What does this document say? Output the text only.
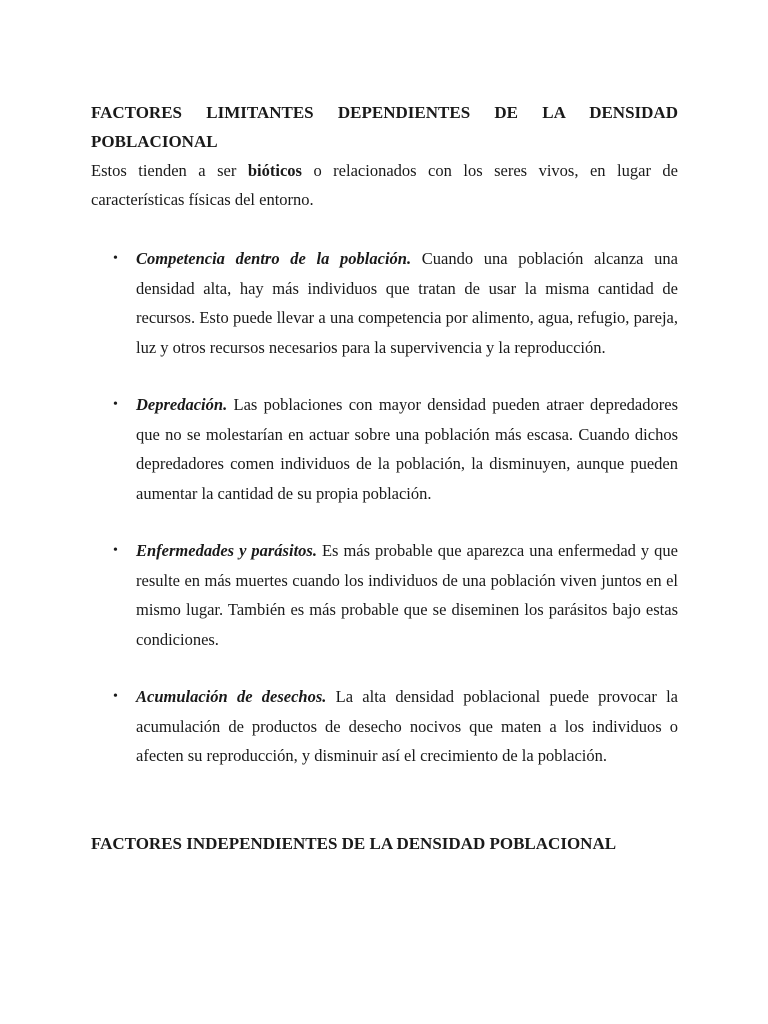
FACTORES LIMITANTES DEPENDIENTES DE LA DENSIDAD POBLACIONAL

Estos tienden a ser bióticos o relacionados con los seres vivos, en lugar de características físicas del entorno.

• Competencia dentro de la población. Cuando una población alcanza una densidad alta, hay más individuos que tratan de usar la misma cantidad de recursos. Esto puede llevar a una competencia por alimento, agua, refugio, pareja, luz y otros recursos necesarios para la supervivencia y la reproducción.
• Depredación. Las poblaciones con mayor densidad pueden atraer depredadores que no se molestarían en actuar sobre una población más escasa. Cuando dichos depredadores comen individuos de la población, la disminuyen, aunque pueden aumentar la cantidad de su propia población.
• Enfermedades y parásitos. Es más probable que aparezca una enfermedad y que resulte en más muertes cuando los individuos de una población viven juntos en el mismo lugar. También es más probable que se diseminen los parásitos bajo estas condiciones.
• Acumulación de desechos. La alta densidad poblacional puede provocar la acumulación de productos de desecho nocivos que maten a los individuos o afecten su reproducción, y disminuir así el crecimiento de la población.
FACTORES INDEPENDIENTES DE LA DENSIDAD POBLACIONAL
